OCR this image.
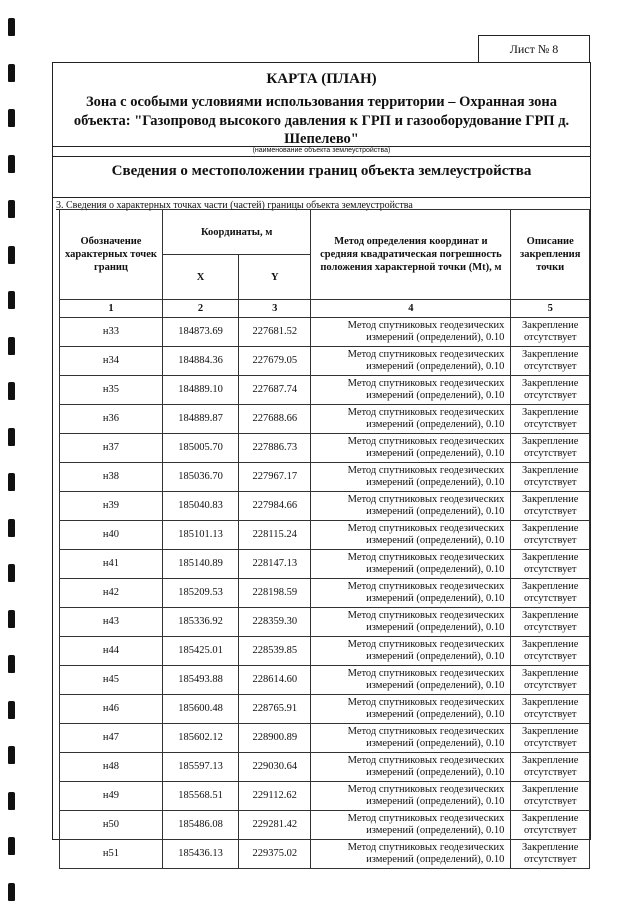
Лист № 8
КАРТА (ПЛАН)
Зона с особыми условиями использования территории – Охранная зона объекта: "Газопровод высокого давления к ГРП и газооборудование ГРП д. Шепелево"
(наименование объекта землеустройства)
Сведения о местоположении границ объекта землеустройства
3. Сведения о характерных точках части (частей) границы объекта землеустройства
Обозначение характерных точек границ	Координаты, м		Метод определения координат и средняя квадратическая погрешность положения характерной точки (Mt), м	Описание закрепления точки
	X	Y		
1	2	3	4	5
н33	184873.69	227681.52	Метод спутниковых геодезических измерений (определений), 0.10	Закрепление отсутствует
н34	184884.36	227679.05	Метод спутниковых геодезических измерений (определений), 0.10	Закрепление отсутствует
н35	184889.10	227687.74	Метод спутниковых геодезических измерений (определений), 0.10	Закрепление отсутствует
н36	184889.87	227688.66	Метод спутниковых геодезических измерений (определений), 0.10	Закрепление отсутствует
н37	185005.70	227886.73	Метод спутниковых геодезических измерений (определений), 0.10	Закрепление отсутствует
н38	185036.70	227967.17	Метод спутниковых геодезических измерений (определений), 0.10	Закрепление отсутствует
н39	185040.83	227984.66	Метод спутниковых геодезических измерений (определений), 0.10	Закрепление отсутствует
н40	185101.13	228115.24	Метод спутниковых геодезических измерений (определений), 0.10	Закрепление отсутствует
н41	185140.89	228147.13	Метод спутниковых геодезических измерений (определений), 0.10	Закрепление отсутствует
н42	185209.53	228198.59	Метод спутниковых геодезических измерений (определений), 0.10	Закрепление отсутствует
н43	185336.92	228359.30	Метод спутниковых геодезических измерений (определений), 0.10	Закрепление отсутствует
н44	185425.01	228539.85	Метод спутниковых геодезических измерений (определений), 0.10	Закрепление отсутствует
н45	185493.88	228614.60	Метод спутниковых геодезических измерений (определений), 0.10	Закрепление отсутствует
н46	185600.48	228765.91	Метод спутниковых геодезических измерений (определений), 0.10	Закрепление отсутствует
н47	185602.12	228900.89	Метод спутниковых геодезических измерений (определений), 0.10	Закрепление отсутствует
н48	185597.13	229030.64	Метод спутниковых геодезических измерений (определений), 0.10	Закрепление отсутствует
н49	185568.51	229112.62	Метод спутниковых геодезических измерений (определений), 0.10	Закрепление отсутствует
н50	185486.08	229281.42	Метод спутниковых геодезических измерений (определений), 0.10	Закрепление отсутствует
н51	185436.13	229375.02	Метод спутниковых геодезических измерений (определений), 0.10	Закрепление отсутствует
